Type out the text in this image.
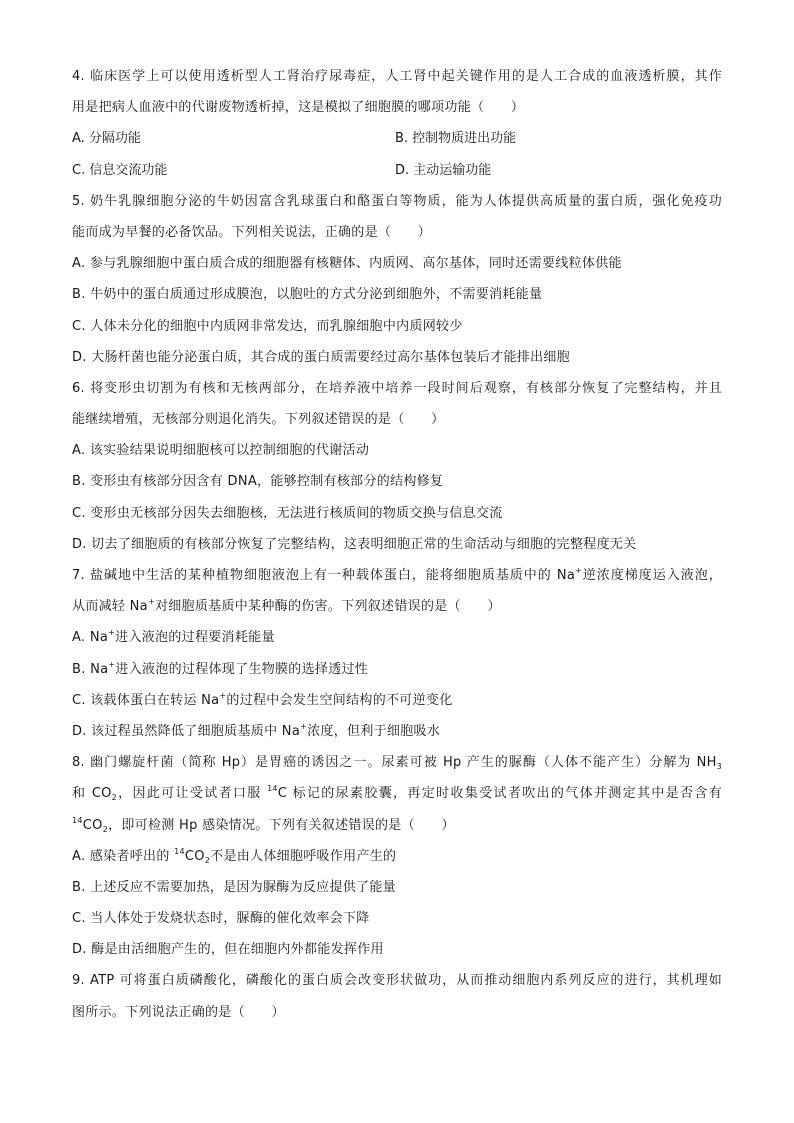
4. 临床医学上可以使用透析型人工肾治疗尿毒症，人工肾中起关键作用的是人工合成的血液透析膜，其作
用是把病人血液中的代谢废物透析掉，这是模拟了细胞膜的哪项功能（　　）
A. 分隔功能	B. 控制物质进出功能
C. 信息交流功能	D. 主动运输功能
5. 奶牛乳腺细胞分泌的牛奶因富含乳球蛋白和酪蛋白等物质，能为人体提供高质量的蛋白质，强化免疫功
能而成为早餐的必备饮品。下列相关说法，正确的是（　　）
A. 参与乳腺细胞中蛋白质合成的细胞器有核糖体、内质网、高尔基体，同时还需要线粒体供能
B. 牛奶中的蛋白质通过形成膜泡，以胞吐的方式分泌到细胞外，不需要消耗能量
C. 人体未分化的细胞中内质网非常发达，而乳腺细胞中内质网较少
D. 大肠杆菌也能分泌蛋白质，其合成的蛋白质需要经过高尔基体包装后才能排出细胞
6. 将变形虫切割为有核和无核两部分，在培养液中培养一段时间后观察，有核部分恢复了完整结构，并且
能继续增殖，无核部分则退化消失。下列叙述错误的是（　　）
A. 该实验结果说明细胞核可以控制细胞的代谢活动
B. 变形虫有核部分因含有 DNA，能够控制有核部分的结构修复
C. 变形虫无核部分因失去细胞核，无法进行核质间的物质交换与信息交流
D. 切去了细胞质的有核部分恢复了完整结构，这表明细胞正常的生命活动与细胞的完整程度无关
7. 盐碱地中生活的某种植物细胞液泡上有一种载体蛋白，能将细胞质基质中的 Na+逆浓度梯度运入液泡，
从而减轻 Na+对细胞质基质中某种酶的伤害。下列叙述错误的是（　　）
A. Na+进入液泡的过程要消耗能量
B. Na+进入液泡的过程体现了生物膜的选择透过性
C. 该载体蛋白在转运 Na+的过程中会发生空间结构的不可逆变化
D. 该过程虽然降低了细胞质基质中 Na+浓度，但利于细胞吸水
8. 幽门螺旋杆菌（简称 Hp）是胃癌的诱因之一。尿素可被 Hp 产生的脲酶（人体不能产生）分解为 $NH_3$
和 $CO_2$，因此可让受试者口服 $^{14}$C 标记的尿素胶囊，再定时收集受试者吹出的气体并测定其中是否含有
$^{14}CO_2$，即可检测 Hp 感染情况。下列有关叙述错误的是（　　）
A. 感染者呼出的 $^{14}CO_2$不是由人体细胞呼吸作用产生的
B. 上述反应不需要加热，是因为脲酶为反应提供了能量
C. 当人体处于发烧状态时，脲酶的催化效率会下降
D. 酶是由活细胞产生的，但在细胞内外都能发挥作用
9. ATP 可将蛋白质磷酸化，磷酸化的蛋白质会改变形状做功，从而推动细胞内系列反应的进行，其机理如
图所示。下列说法正确的是（　　）
